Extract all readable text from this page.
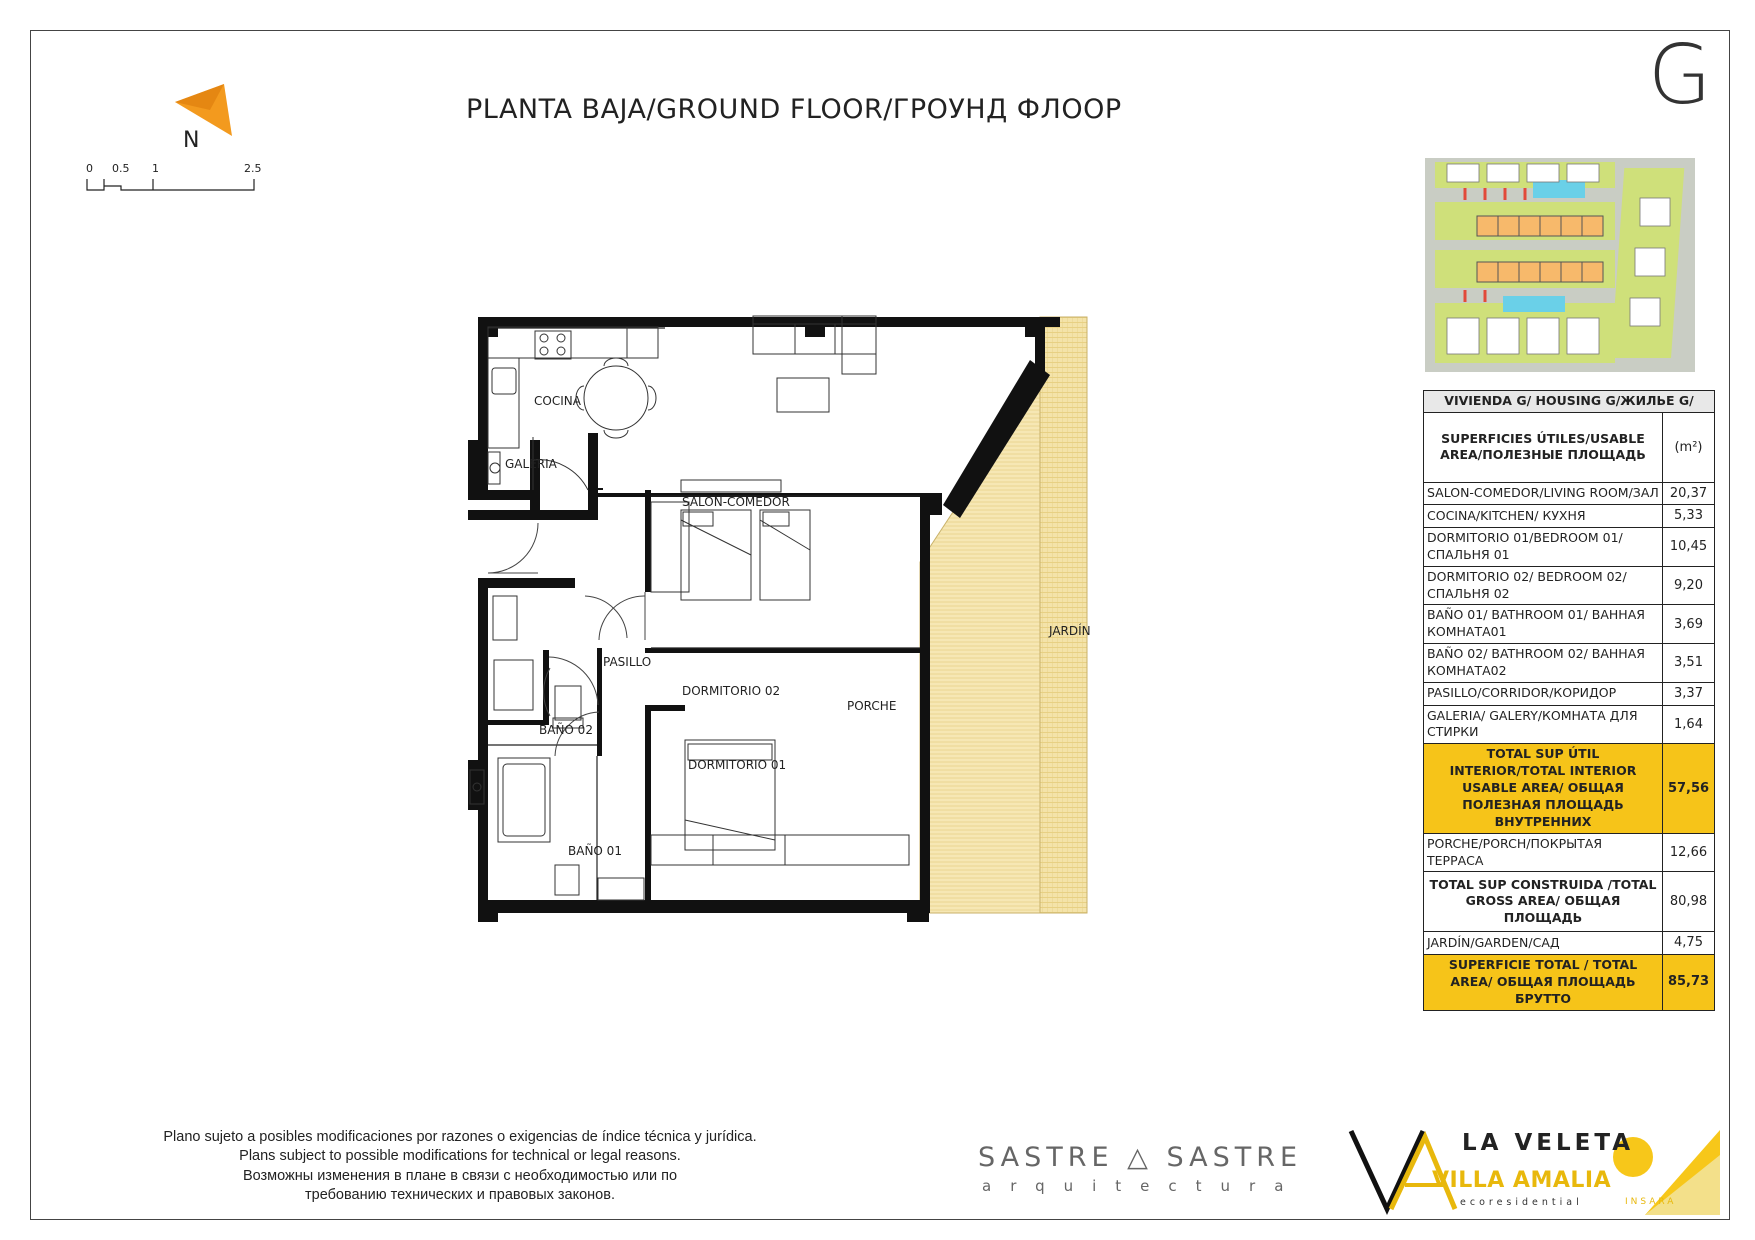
PLANTA BAJA/GROUND FLOOR/ГРОУНД ФЛООР	G
N
0 0.5 1	2.5
COCINA
GALERIA
SALON-COMEDOR
PASILLO
DORMITORIO 02
DORMITORIO 01
BAÑO 02
BAÑO 01
PORCHE
JARDÍN
VIVIENDA G/ HOUSING G/ЖИЛЬЕ G/	
SUPERFICIES ÚTILES/USABLE AREA/ПОЛЕЗНЫЕ ПЛОЩАДЬ	(m²)
SALON-COMEDOR/LIVING ROOM/ЗАЛ	20,37
COCINA/KITCHEN/ КУХНЯ	5,33
DORMITORIO 01/BEDROOM 01/ СПАЛЬНЯ 01	10,45
DORMITORIO 02/ BEDROOM 02/ СПАЛЬНЯ 02	9,20
BAÑO 01/ BATHROOM 01/ ВАННАЯ КОМНАТА01	3,69
BAÑO 02/ BATHROOM 02/ ВАННАЯ КОМНАТА02	3,51
PASILLO/CORRIDOR/КОРИДОР	3,37
GALERIA/ GALERY/КОМНАТА ДЛЯ СТИРКИ	1,64
TOTAL SUP ÚTIL INTERIOR/TOTAL INTERIOR USABLE AREA/ ОБЩАЯ ПОЛЕЗНАЯ ПЛОЩАДЬ ВНУТРЕННИХ	57,56
PORCHE/PORCH/ПОКРЫТАЯ ТЕРРАСА	12,66
TOTAL SUP CONSTRUIDA /TOTAL GROSS AREA/ ОБЩАЯ ПЛОЩАДЬ	80,98
JARDÍN/GARDEN/САД	4,75
SUPERFICIE TOTAL / TOTAL AREA/ ОБЩАЯ ПЛОЩАДЬ БРУТТО	85,73
Plano sujeto a posibles modificaciones por razones o exigencias de índice técnica y jurídica.
Plans subject to possible modifications for technical or legal reasons.
Возможны изменения в плане в связи с необходимостью или по
требованию технических и правовых законов.
SASTRE △ SASTRE
arquitectura
LA VELETA
VILLA AMALIA
ecoresidential	INSARA
